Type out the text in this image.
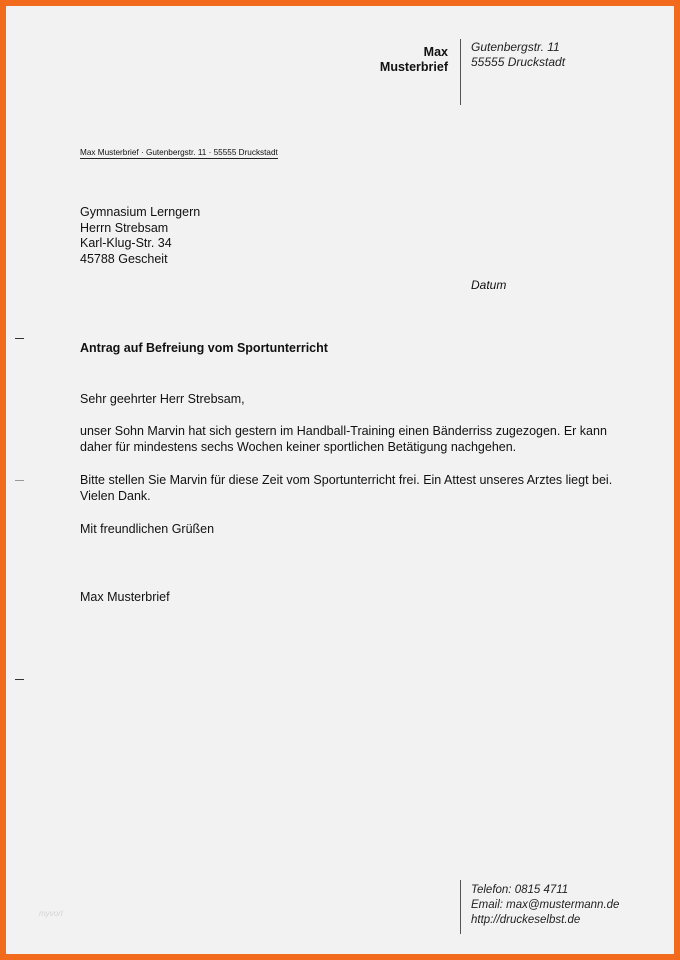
Max
Musterbrief
Gutenbergstr. 11
55555 Druckstadt
Max Musterbrief · Gutenbergstr. 11 · 55555 Druckstadt
Gymnasium Lerngern
Herrn Strebsam
Karl-Klug-Str. 34
45788 Gescheit
Datum
Antrag auf Befreiung vom Sportunterricht

Sehr geehrter Herr Strebsam,

unser Sohn Marvin hat sich gestern im Handball-Training einen Bänderriss zugezogen. Er kann daher für mindestens sechs Wochen keiner sportlichen Betätigung nachgehen.

Bitte stellen Sie Marvin für diese Zeit vom Sportunterricht frei. Ein Attest unseres Arztes liegt bei. Vielen Dank.

Mit freundlichen Grüßen

Max Musterbrief
Telefon: 0815 4711
Email: max@mustermann.de
http://druckeselbst.de
myvorl
